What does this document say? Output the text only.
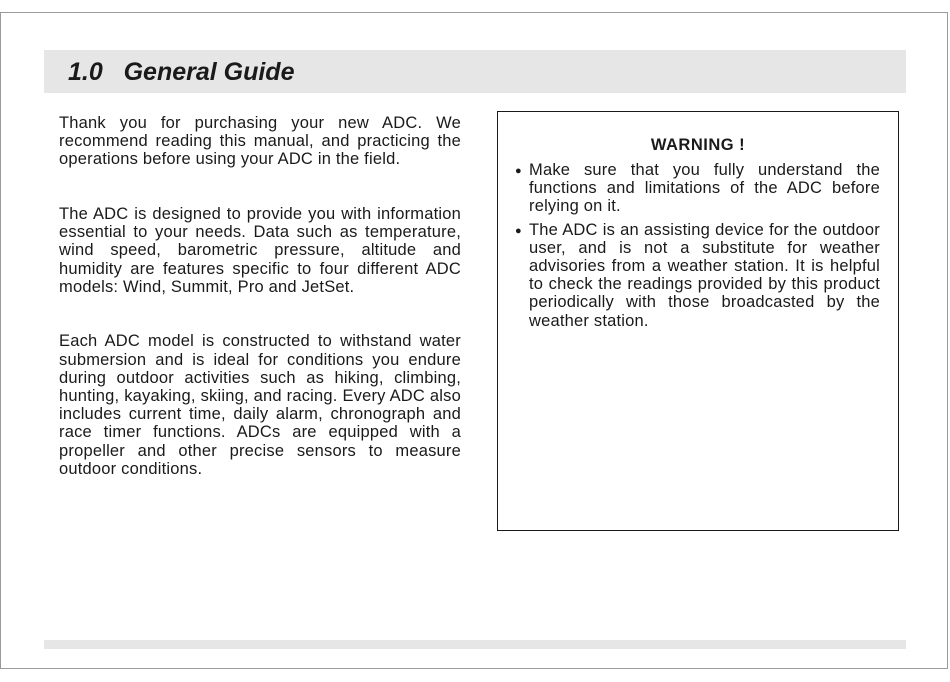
1.0   General Guide

Thank you for purchasing your new ADC. We recommend reading this manual, and practicing the operations before using your ADC in the field.

The ADC is designed to provide you with information essential to your needs. Data such as temperature, wind speed, barometric pressure, altitude and humidity are features specific to four different ADC models: Wind, Summit, Pro and JetSet.

Each ADC model is constructed to withstand water submersion and is ideal for conditions you endure during outdoor activities such as hiking, climbing, hunting, kayaking, skiing, and racing. Every ADC also includes current time, daily alarm, chronograph and race timer functions. ADCs are equipped with a propeller and other precise sensors to measure outdoor conditions.

WARNING !

● Make sure that you fully understand the functions and limitations of the ADC before relying on it.
● The ADC is an assisting device for the outdoor user, and is not a substitute for weather advisories from a weather station. It is helpful to check the readings provided by this product periodically with those broadcasted by the weather station.
